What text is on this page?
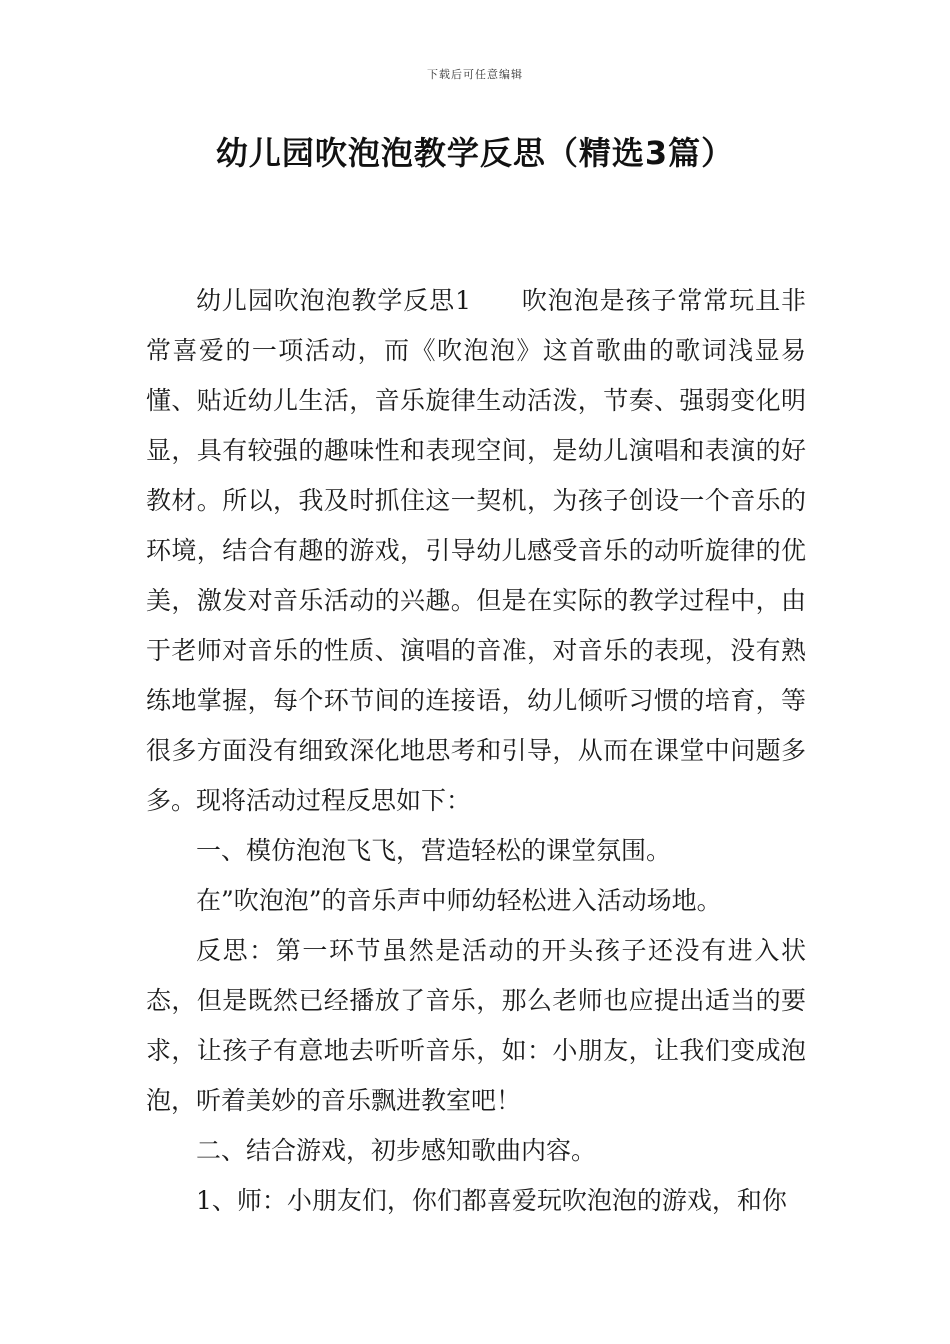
下载后可任意编辑
幼儿园吹泡泡教学反思（精选3篇）

幼儿园吹泡泡教学反思1 吹泡泡是孩子常常玩且非常喜爱的一项活动，而《吹泡泡》这首歌曲的歌词浅显易懂、贴近幼儿生活，音乐旋律生动活泼，节奏、强弱变化明显，具有较强的趣味性和表现空间，是幼儿演唱和表演的好教材。所以，我及时抓住这一契机，为孩子创设一个音乐的环境，结合有趣的游戏，引导幼儿感受音乐的动听旋律的优美，激发对音乐活动的兴趣。但是在实际的教学过程中，由于老师对音乐的性质、演唱的音准，对音乐的表现，没有熟练地掌握，每个环节间的连接语，幼儿倾听习惯的培育，等很多方面没有细致深化地思考和引导，从而在课堂中问题多多。现将活动过程反思如下：

一、模仿泡泡飞飞，营造轻松的课堂氛围。

在”吹泡泡”的音乐声中师幼轻松进入活动场地。

反思：第一环节虽然是活动的开头孩子还没有进入状态，但是既然已经播放了音乐，那么老师也应提出适当的要求，让孩子有意地去听听音乐，如：小朋友，让我们变成泡泡，听着美妙的音乐飘进教室吧！

二、结合游戏，初步感知歌曲内容。

1、师：小朋友们，你们都喜爱玩吹泡泡的游戏，和你
